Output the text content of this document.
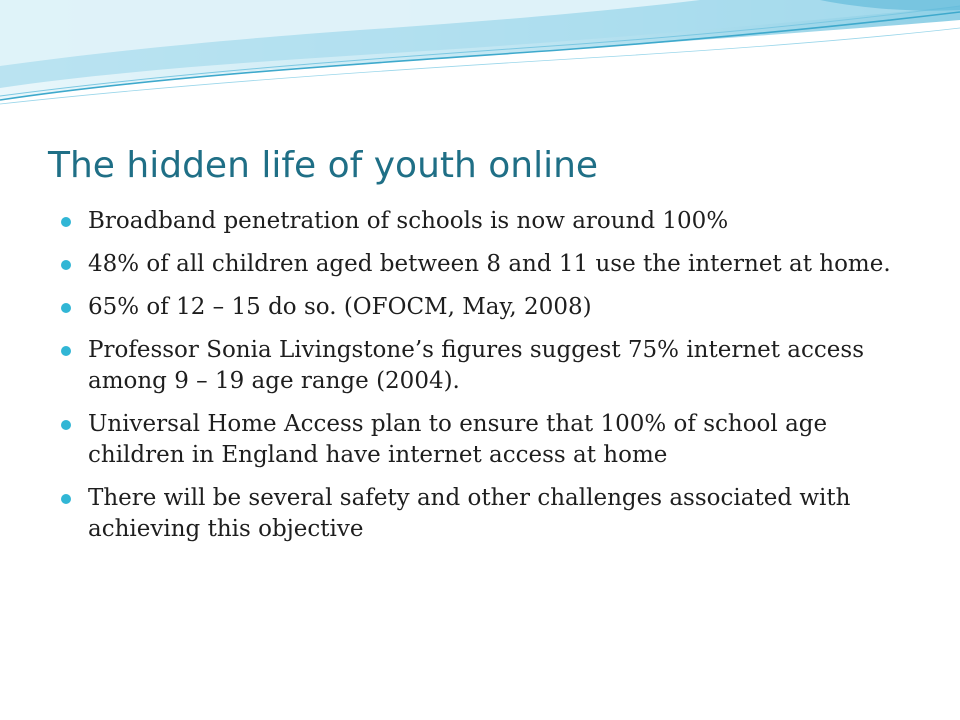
The hidden life of youth online
Broadband penetration of schools is now around 100%
48% of all children aged between 8 and 11 use the internet at home.
65% of 12 – 15 do so. (OFOCM, May, 2008)
Professor Sonia Livingstone’s figures suggest 75% internet access among 9 – 19 age range (2004).
Universal Home Access plan to ensure that 100% of school age children in England have internet access at home
There will be several safety and other challenges associated with achieving this objective
